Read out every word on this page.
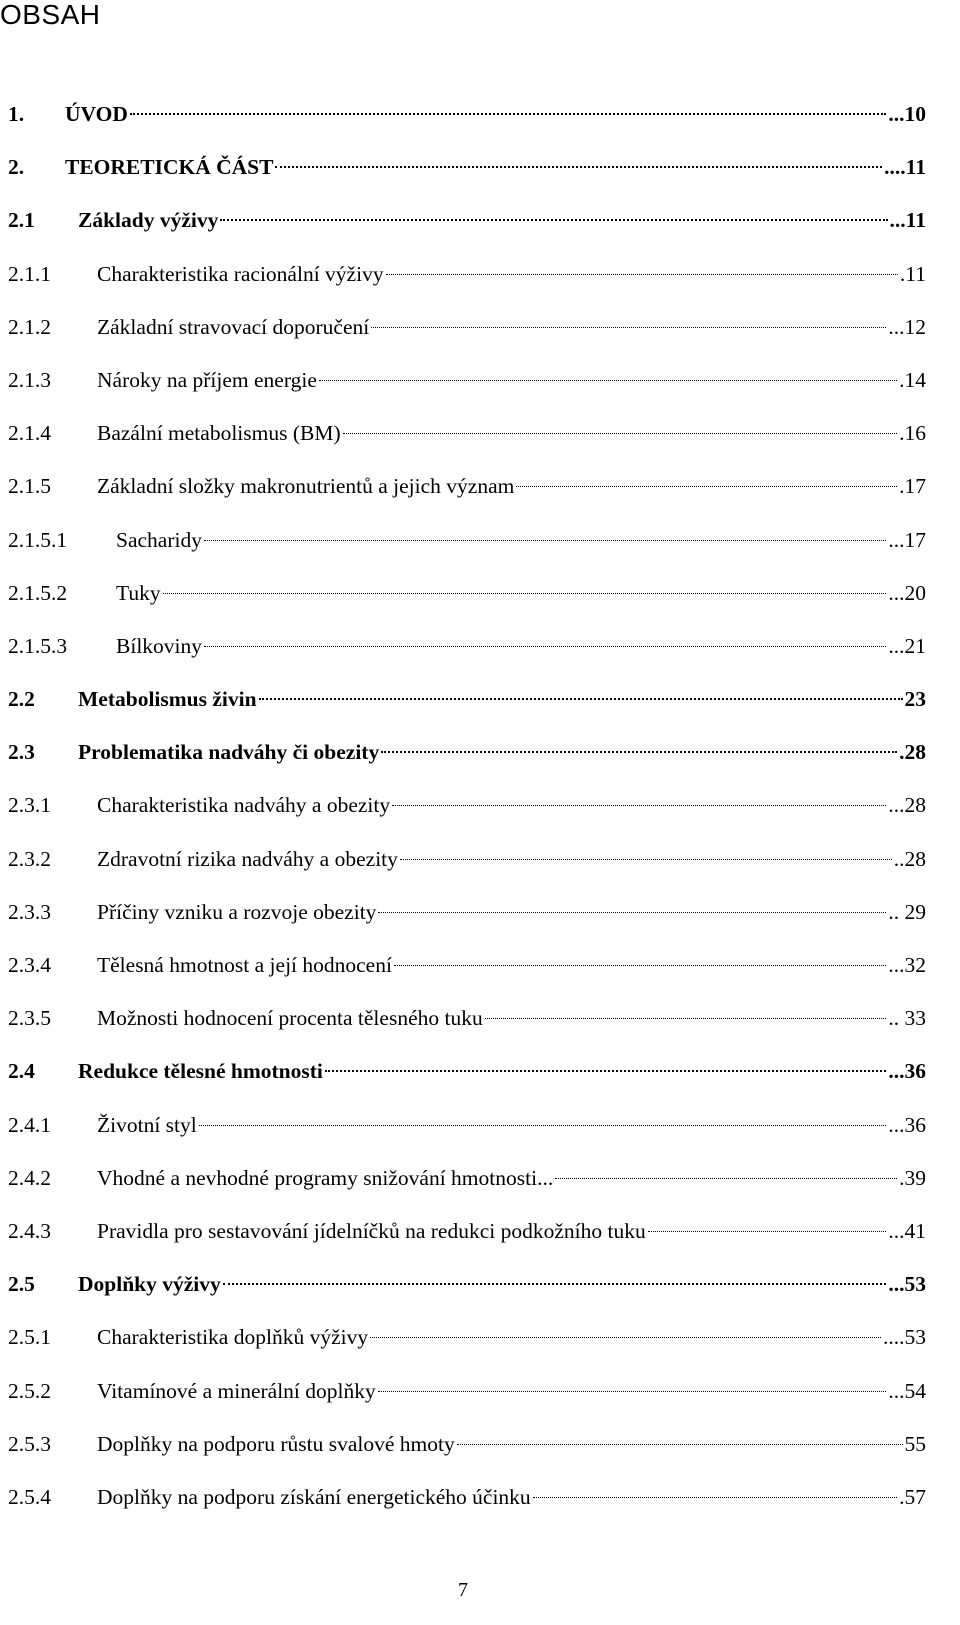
OBSAH
1.	ÚVOD	...10
2.	TEORETICKÁ ČÁST	....11
2.1	Základy výživy	...11
2.1.1	Charakteristika racionální výživy	.11
2.1.2	Základní stravovací doporučení	...12
2.1.3	Nároky na příjem energie	.14
2.1.4	Bazální metabolismus (BM)	.16
2.1.5	Základní složky makronutrientů a jejich význam	.17
2.1.5.1	Sacharidy	...17
2.1.5.2	Tuky	...20
2.1.5.3	Bílkoviny	...21
2.2	Metabolismus živin	23
2.3	Problematika nadváhy či obezity	.28
2.3.1	Charakteristika nadváhy a obezity	...28
2.3.2	Zdravotní rizika nadváhy a obezity	..28
2.3.3	Příčiny vzniku a rozvoje obezity	.. 29
2.3.4	Tělesná hmotnost a její hodnocení	...32
2.3.5	Možnosti hodnocení procenta tělesného tuku	.. 33
2.4	Redukce tělesné hmotnosti	...36
2.4.1	Životní styl	...36
2.4.2	Vhodné a nevhodné programy snižování hmotnosti...	.39
2.4.3	Pravidla pro sestavování jídelníčků na redukci podkožního tuku	...41
2.5	Doplňky výživy	...53
2.5.1	Charakteristika doplňků výživy	....53
2.5.2	Vitamínové a minerální doplňky	...54
2.5.3	Doplňky na podporu růstu svalové hmoty	55
2.5.4	Doplňky na podporu získání energetického účinku	.57
7
